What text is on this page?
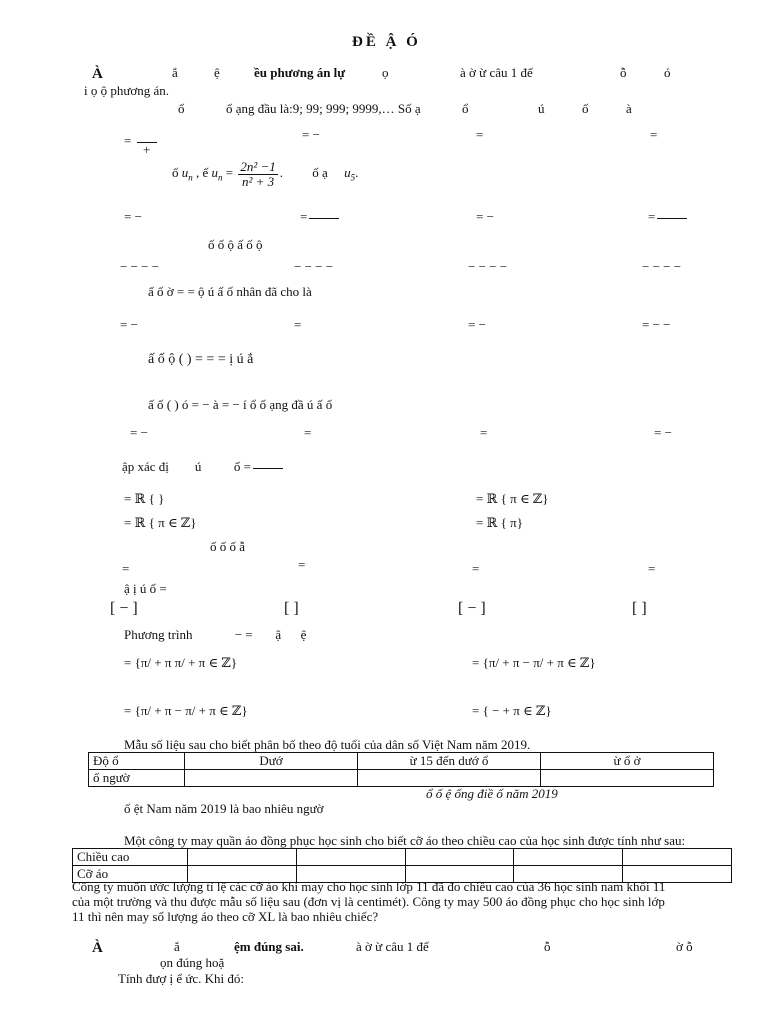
ĐỀ Ậ Ó
À	ắ	ệ	ều phương án lự	ọ	à ờ ừ câu 1 đế	ỗ	ó
i ọ ộ phương án.
ố	ố ạng đầu là:9; 99; 999; 9999,… Số ạ	ổ	ú	ố	à
=

+
= −	=	=
ố $u_n$ , ế $u_n = \frac{\text{2n² −1}}{\text{n² + 3}}$ . ố ạ $u_5$.
= −	=	= −	=
ố ố ộ ấ ố ộ
− − − −	− − − −	− − − −	− − − −
ấ ố ờ = = ộ ú ấ ố nhân đã cho là
= −	=	= −	= − −
ấ ố ộ ( ) = = = ị ú ắ
ấ ố ( ) ó = − à = − í ổ ố ạng đầ ú ấ ố
= −	=	=	= −
ập xác đị ú	ố =
= ℝ { }	= ℝ { π ∈ ℤ}
= ℝ { π ∈ ℤ}	= ℝ { π}
ố ố ố ẫ
=	=	=	=
ậ ị ú ố =
[ − ]	[ ]	[ − ]	[ ]
Phương trình	− = ậ ệ
= {π/ + π π/ + π ∈ ℤ}	= {π/ + π − π/ + π ∈ ℤ}
= {π/ + π − π/ + π ∈ ℤ}	= { − + π ∈ ℤ}
Mẫu số liệu sau cho biết phân bố theo độ tuổi của dân số Việt Nam năm 2019.
Độ ổ	Dướ	ừ 15 đến dướ ổ	ừ ổ ở
ố ngườ			
ổ ố ệ ống điề ố năm 2019
ố ệt Nam năm 2019 là bao nhiêu ngườ
Một công ty may quần áo đồng phục học sinh cho biết cỡ áo theo chiều cao của học sinh được tính như sau:
Chiều cao					
Cỡ áo					
Công ty muốn ước lượng tỉ lệ các cỡ áo khi may cho học sinh lớp 11 đã đo chiều cao của 36 học sinh nam khối 11
của một trường và thu được mẫu số liệu sau (đơn vị là centimét). Công ty may 500 áo đồng phục cho học sinh lớp
11 thì nên may số lượng áo theo cỡ XL là bao nhiêu chiếc?
À	ắ	ệm đúng sai.	à ờ ừ câu 1 đế	ỗ	ờ ỗ
ọn đúng hoặ
Tính đượ ị ể ức. Khi đó:
